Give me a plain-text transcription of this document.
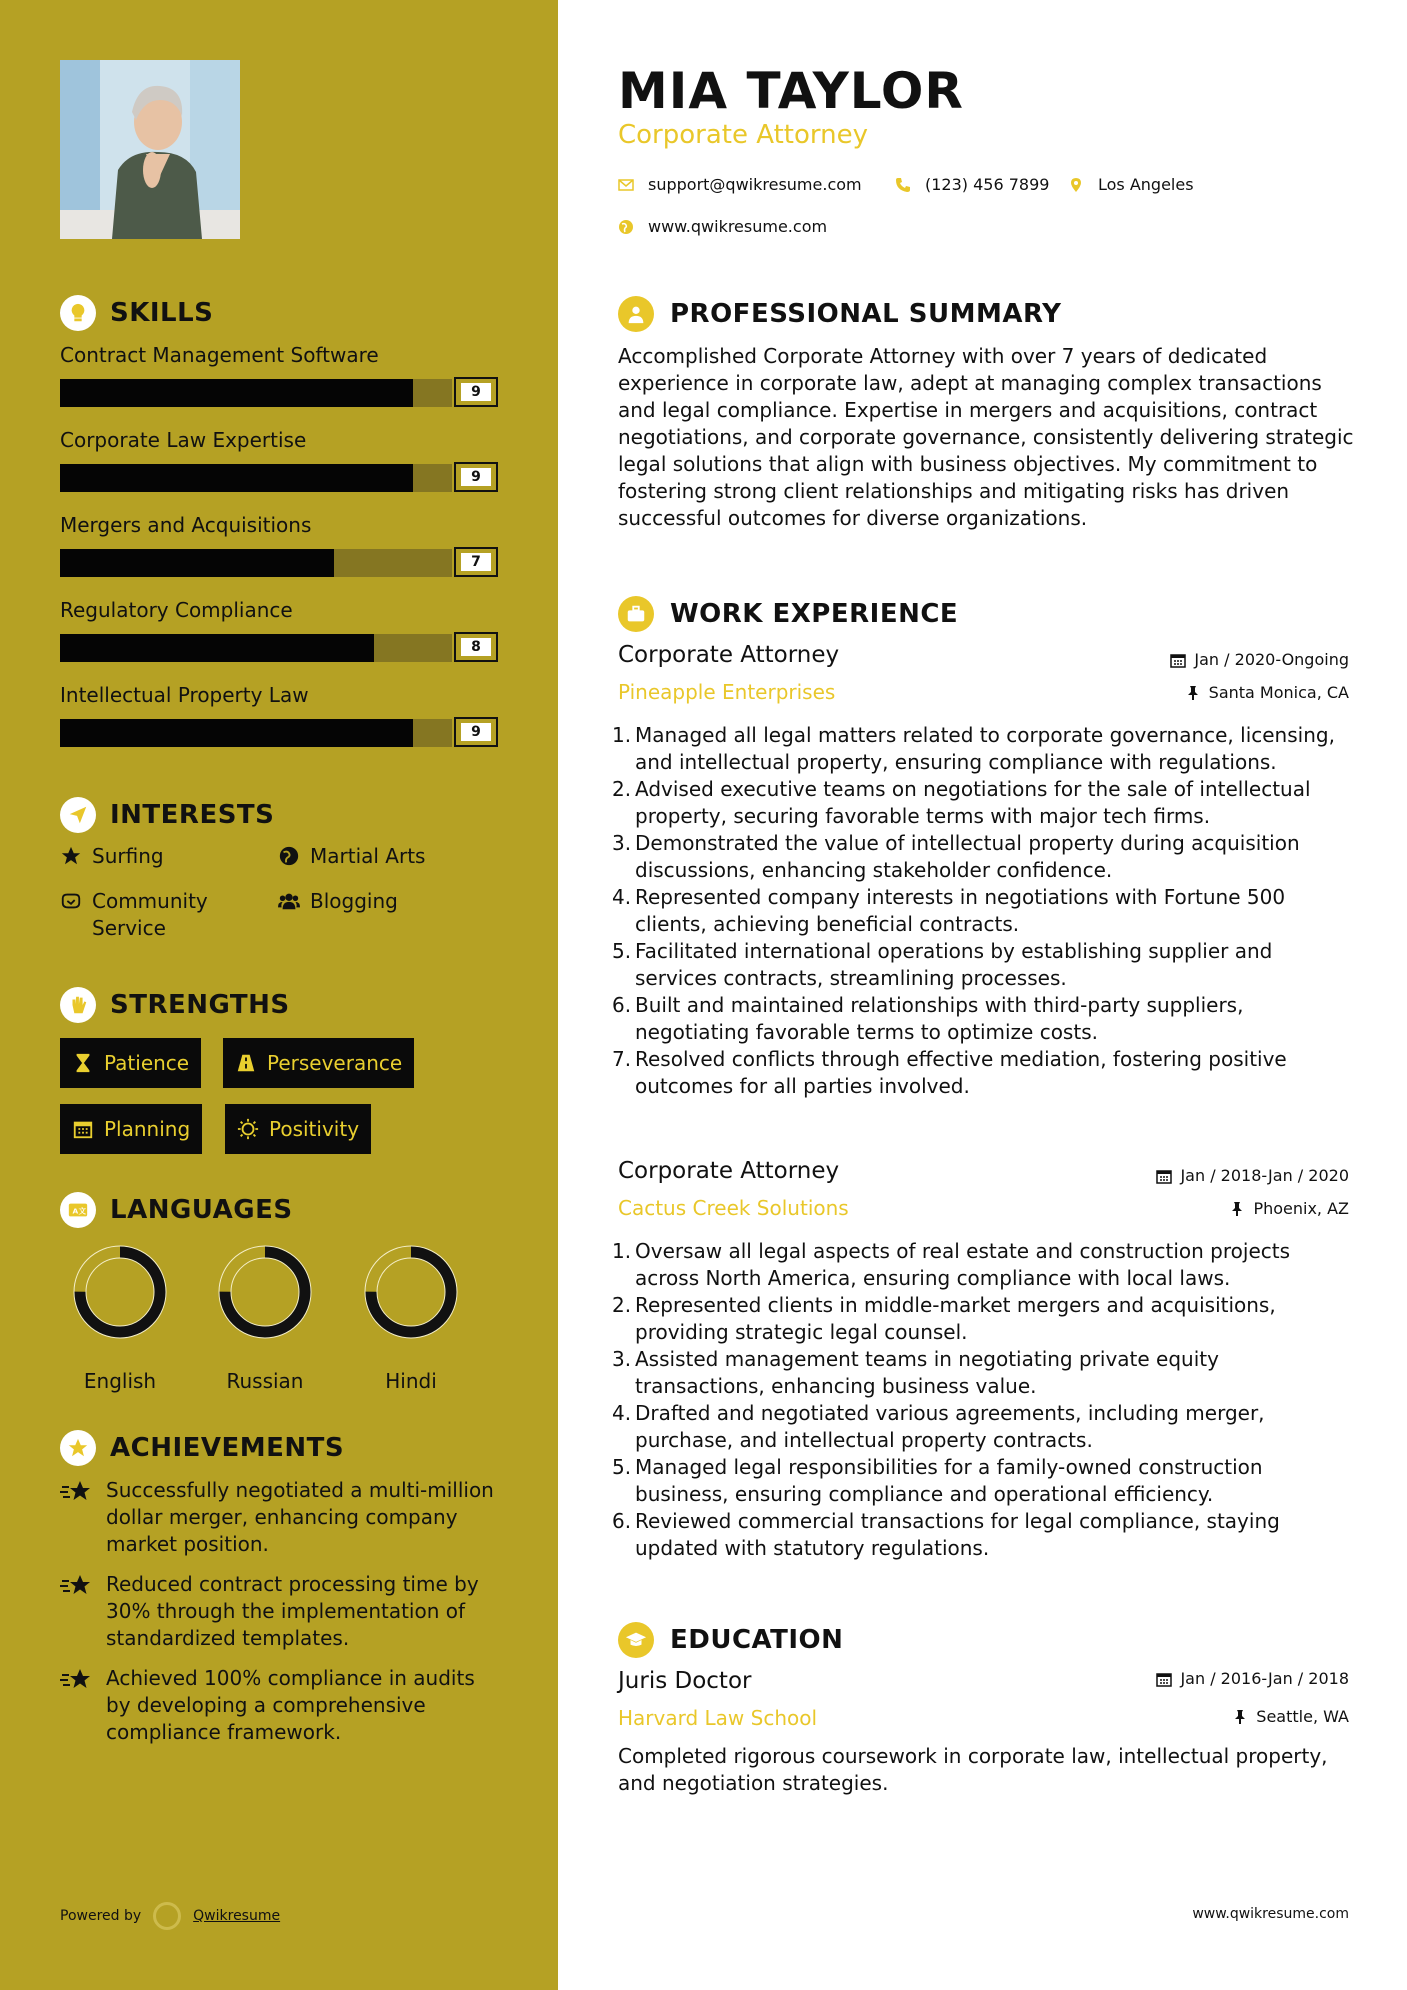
SKILLS
Contract Management Software
9
Corporate Law Expertise
9
Mergers and Acquisitions
7
Regulatory Compliance
8
Intellectual Property Law
9
INTERESTS
Surfing	Martial Arts
Community Service
Blogging
STRENGTHS
Patience	Perseverance
Planning	Positivity
A文 LANGUAGES
English	Russian	Hindi
ACHIEVEMENTS
Successfully negotiated a multi-million dollar merger, enhancing company market position.
Reduced contract processing time by 30% through the implementation of standardized templates.
Achieved 100% compliance in audits by developing a comprehensive compliance framework.
Powered by	Qwikresume
MIA TAYLOR
Corporate Attorney
support@qwikresume.com	(123) 456 7899	Los Angeles
www.qwikresume.com
PROFESSIONAL SUMMARY
Accomplished Corporate Attorney with over 7 years of dedicated experience in corporate law, adept at managing complex transactions and legal compliance. Expertise in mergers and acquisitions, contract negotiations, and corporate governance, consistently delivering strategic legal solutions that align with business objectives. My commitment to fostering strong client relationships and mitigating risks has driven successful outcomes for diverse organizations.
WORK EXPERIENCE
Corporate Attorney
Pineapple Enterprises
Jan / 2020-Ongoing
Santa Monica, CA
1. Managed all legal matters related to corporate governance, licensing, and intellectual property, ensuring compliance with regulations.
2. Advised executive teams on negotiations for the sale of intellectual property, securing favorable terms with major tech firms.
3. Demonstrated the value of intellectual property during acquisition discussions, enhancing stakeholder confidence.
4. Represented company interests in negotiations with Fortune 500 clients, achieving beneficial contracts.
5. Facilitated international operations by establishing supplier and services contracts, streamlining processes.
6. Built and maintained relationships with third-party suppliers, negotiating favorable terms to optimize costs.
7. Resolved conflicts through effective mediation, fostering positive outcomes for all parties involved.
Corporate Attorney
Cactus Creek Solutions
Jan / 2018-Jan / 2020
Phoenix, AZ
1. Oversaw all legal aspects of real estate and construction projects across North America, ensuring compliance with local laws.
2. Represented clients in middle-market mergers and acquisitions, providing strategic legal counsel.
3. Assisted management teams in negotiating private equity transactions, enhancing business value.
4. Drafted and negotiated various agreements, including merger, purchase, and intellectual property contracts.
5. Managed legal responsibilities for a family-owned construction business, ensuring compliance and operational efficiency.
6. Reviewed commercial transactions for legal compliance, staying updated with statutory regulations.
EDUCATION
Juris Doctor
Harvard Law School
Jan / 2016-Jan / 2018
Seattle, WA
Completed rigorous coursework in corporate law, intellectual property, and negotiation strategies.
www.qwikresume.com
